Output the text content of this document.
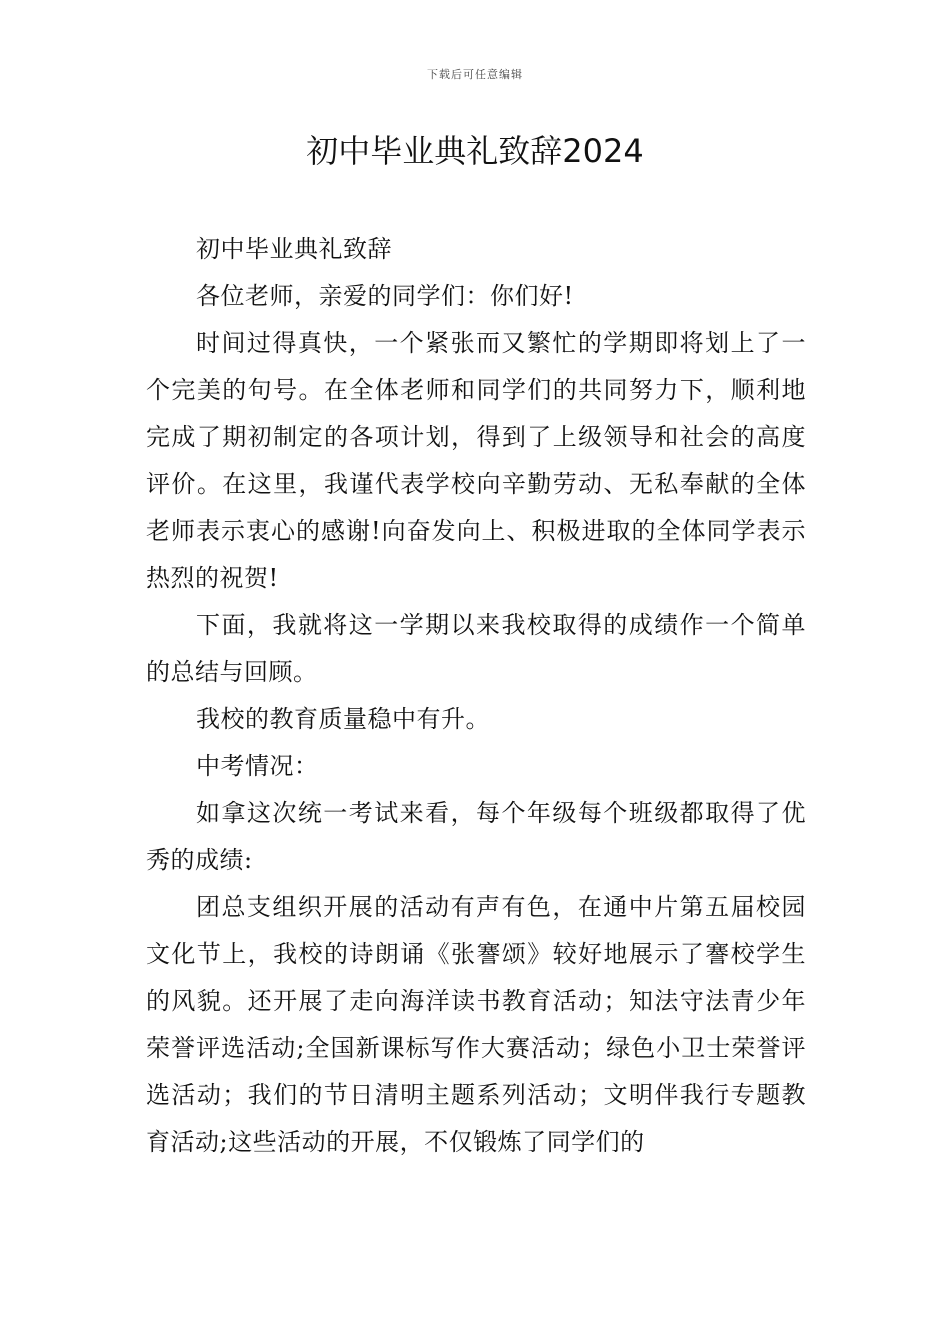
下载后可任意编辑
初中毕业典礼致辞2024

初中毕业典礼致辞

各位老师，亲爱的同学们：你们好!

时间过得真快，一个紧张而又繁忙的学期即将划上了一个完美的句号。在全体老师和同学们的共同努力下，顺利地完成了期初制定的各项计划，得到了上级领导和社会的高度评价。在这里，我谨代表学校向辛勤劳动、无私奉献的全体老师表示衷心的感谢!向奋发向上、积极进取的全体同学表示热烈的祝贺!

下面，我就将这一学期以来我校取得的成绩作一个简单的总结与回顾。

我校的教育质量稳中有升。

中考情况：

如拿这次统一考试来看，每个年级每个班级都取得了优秀的成绩:

团总支组织开展的活动有声有色，在通中片第五届校园文化节上，我校的诗朗诵《张謇颂》较好地展示了謇校学生的风貌。还开展了走向海洋读书教育活动；知法守法青少年荣誉评选活动;全国新课标写作大赛活动；绿色小卫士荣誉评选活动；我们的节日清明主题系列活动；文明伴我行专题教育活动;这些活动的开展，不仅锻炼了同学们的
